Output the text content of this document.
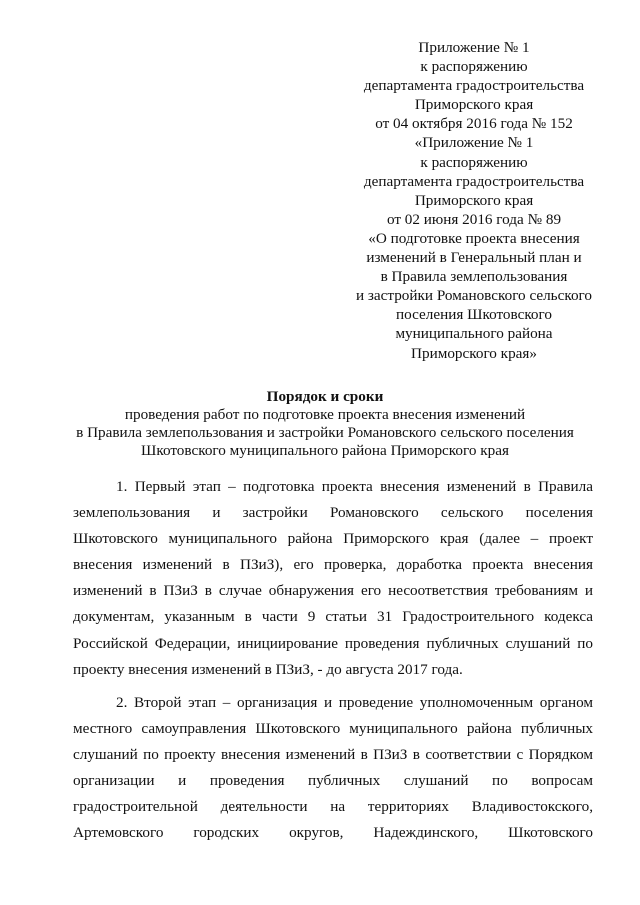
Приложение № 1
к распоряжению
департамента градостроительства
Приморского края
от 04 октября 2016 года № 152
«Приложение № 1
к распоряжению
департамента градостроительства
Приморского края
от 02 июня 2016 года № 89
«О подготовке проекта внесения
изменений в Генеральный план и
в Правила землепользования
и застройки Романовского сельского
поселения Шкотовского
муниципального района
Приморского края»
Порядок и сроки
проведения работ по подготовке проекта внесения изменений
в Правила землепользования и застройки Романовского сельского поселения
Шкотовского муниципального района Приморского края
1. Первый этап – подготовка проекта внесения изменений в Правила
землепользования и застройки Романовского сельского поселения
Шкотовского муниципального района Приморского края (далее – проект
внесения изменений в ПЗиЗ), его проверка, доработка проекта внесения
изменений в ПЗиЗ в случае обнаружения его несоответствия требованиям и
документам, указанным в части 9 статьи 31 Градостроительного кодекса
Российской Федерации, инициирование проведения публичных слушаний по
проекту внесения изменений в ПЗиЗ, - до августа 2017 года.
2. Второй этап – организация и проведение уполномоченным органом
местного самоуправления Шкотовского муниципального района публичных
слушаний по проекту внесения изменений в ПЗиЗ в соответствии с Порядком
организации и проведения публичных слушаний по вопросам
градостроительной деятельности на территориях Владивостокского,
Артемовского городских округов, Надеждинского, Шкотовского
